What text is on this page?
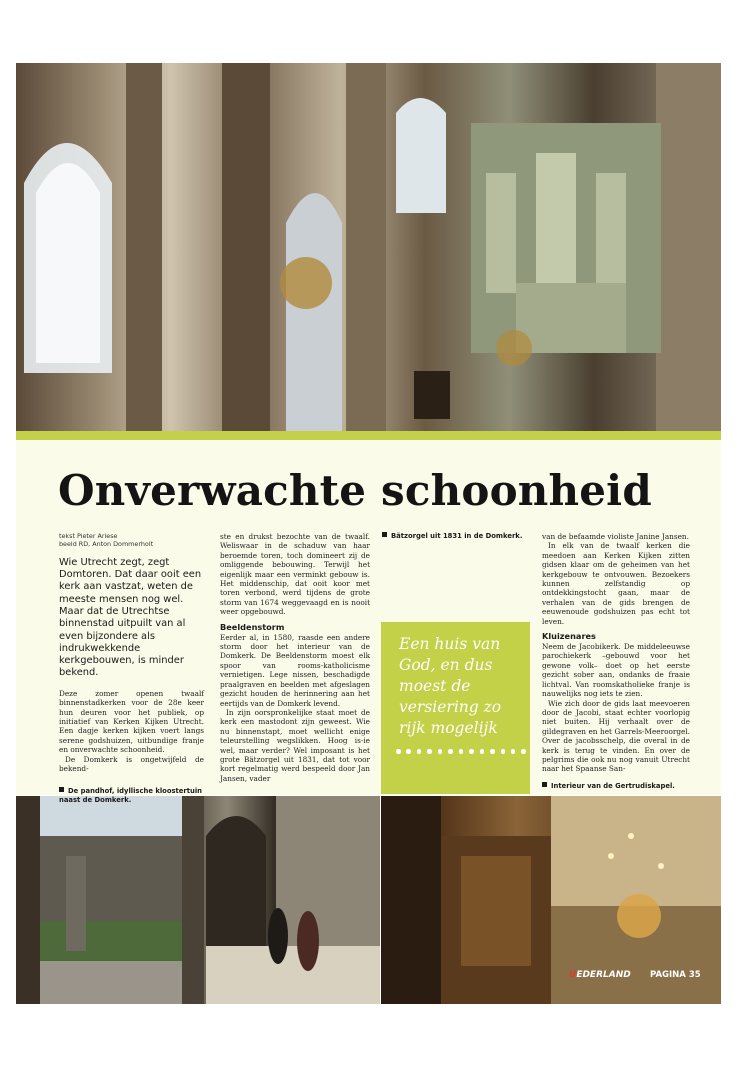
Onverwachte schoonheid
tekst Pieter Ariese
beeld RD, Anton Dommerholt
Wie Utrecht zegt, zegt Domtoren. Dat daar ooit een kerk aan vastzat, weten de meeste mensen nog wel. Maar dat de Utrechtse binnenstad uitpuilt van al even bijzondere als indrukwekkende kerkgebouwen, is minder bekend.

Deze zomer openen twaalf binnenstadkerken voor de 28e keer hun deuren voor het publiek, op initiatief van Kerken Kijken Utrecht. Een dagje kerken kijken voert langs serene godshuizen, uitbundige franje en onverwachte schoonheid.

De Domkerk is ongetwijfeld de bekend-

De pandhof, idyllische kloostertuin naast de Domkerk.

ste en drukst bezochte van de twaalf. Weliswaar in de schaduw van haar beroemde toren, toch domineert zij de omliggende bebouwing. Terwijl het eigenlijk maar een verminkt gebouw is. Het middenschip, dat ooit koor met toren verbond, werd tijdens de grote storm van 1674 weggevaagd en is nooit weer opgebouwd.

Beeldenstorm

Eerder al, in 1580, raasde een andere storm door het interieur van de Domkerk. De Beeldenstorm moest elk spoor van rooms-katholicisme vernietigen. Lege nissen, beschadigde praalgraven en beelden met afgeslagen gezicht houden de herinnering aan het eertijds van de Domkerk levend.

In zijn oorspronkelijke staat moet de kerk een mastodont zijn geweest. Wie nu binnenstapt, moet wellicht enige teleurstelling wegslikken. Hoog is-ie wel, maar verder? Wel imposant is het grote Bätzorgel uit 1831, dat tot voor kort regelmatig werd bespeeld door Jan Jansen, vader

Bätzorgel uit 1831 in de Domkerk.
Een huis van God, en dus moest de versiering zo rijk mogelijk

van de befaamde violiste Janine Jansen.

In elk van de twaalf kerken die meedoen aan Kerken Kijken zitten gidsen klaar om de geheimen van het kerkgebouw te ontvouwen. Bezoekers kunnen zelfstandig op ontdekkingstocht gaan, maar de verhalen van de gids brengen de eeuwenoude godshuizen pas echt tot leven.

Kluizenares

Neem de Jacobikerk. De middeleeuwse parochiekerk –gebouwd voor het gewone volk– doet op het eerste gezicht sober aan, ondanks de fraaie lichtval. Van roomskatholieke franje is nauwelijks nog iets te zien.

Wie zich door de gids laat meevoeren door de Jacobi, staat echter voorlopig niet buiten. Hij verhaalt over de gildegraven en het Garrels-Meeroorgel. Over de jacobsschelp, die overal in de kerk is terug te vinden. En over de pelgrims die ook nu nog vanuit Utrecht naar het Spaanse San-

Interieur van de Gertrudiskapel.
UEDERLAND PAGINA 35
